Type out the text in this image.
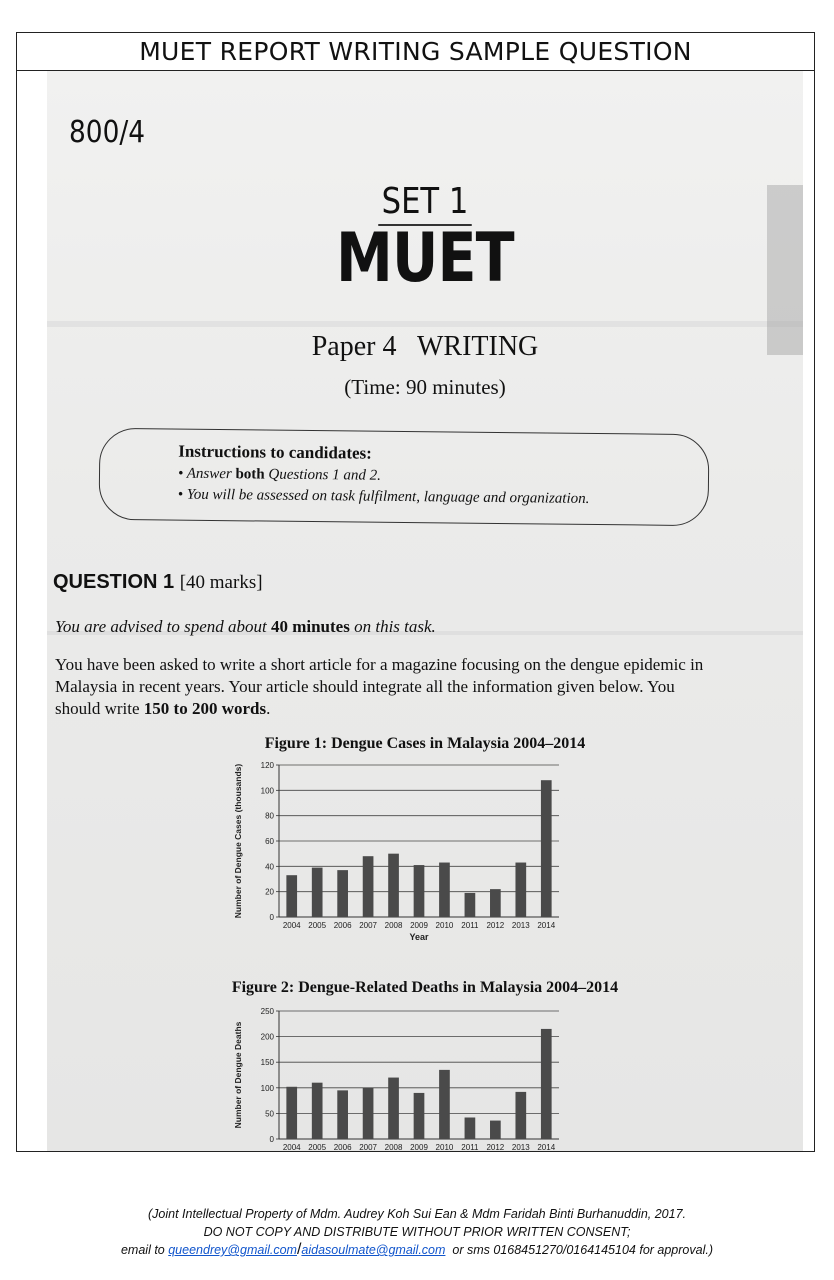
MUET REPORT WRITING SAMPLE QUESTION
800/4
SET 1
MUET
Paper 4   WRITING
(Time: 90 minutes)
Instructions to candidates:
• Answer both Questions 1 and 2.
• You will be assessed on task fulfilment, language and organization.
QUESTION 1 [40 marks]
You are advised to spend about 40 minutes on this task.
You have been asked to write a short article for a magazine focusing on the dengue epidemic in Malaysia in recent years. Your article should integrate all the information given below. You should write 150 to 200 words.
Figure 1: Dengue Cases in Malaysia 2004–2014
0
20
40
60
80
100
120
2004 2005 2006 2007 2008 2009 2010 2011 2012 2013 2014
Year
Number of Dengue Cases (thousands)
Figure 2: Dengue-Related Deaths in Malaysia 2004–2014
0
50
100
150
200
250
2004 2005 2006 2007 2008 2009 2010 2011 2012 2013 2014
Year
Number of Dengue Deaths
(Joint Intellectual Property of Mdm. Audrey Koh Sui Ean & Mdm Faridah Binti Burhanuddin, 2017.
DO NOT COPY AND DISTRIBUTE WITHOUT PRIOR WRITTEN CONSENT;
email to queendrey@gmail.com/aidasoulmate@gmail.com  or sms 0168451270/0164145104 for approval.)
